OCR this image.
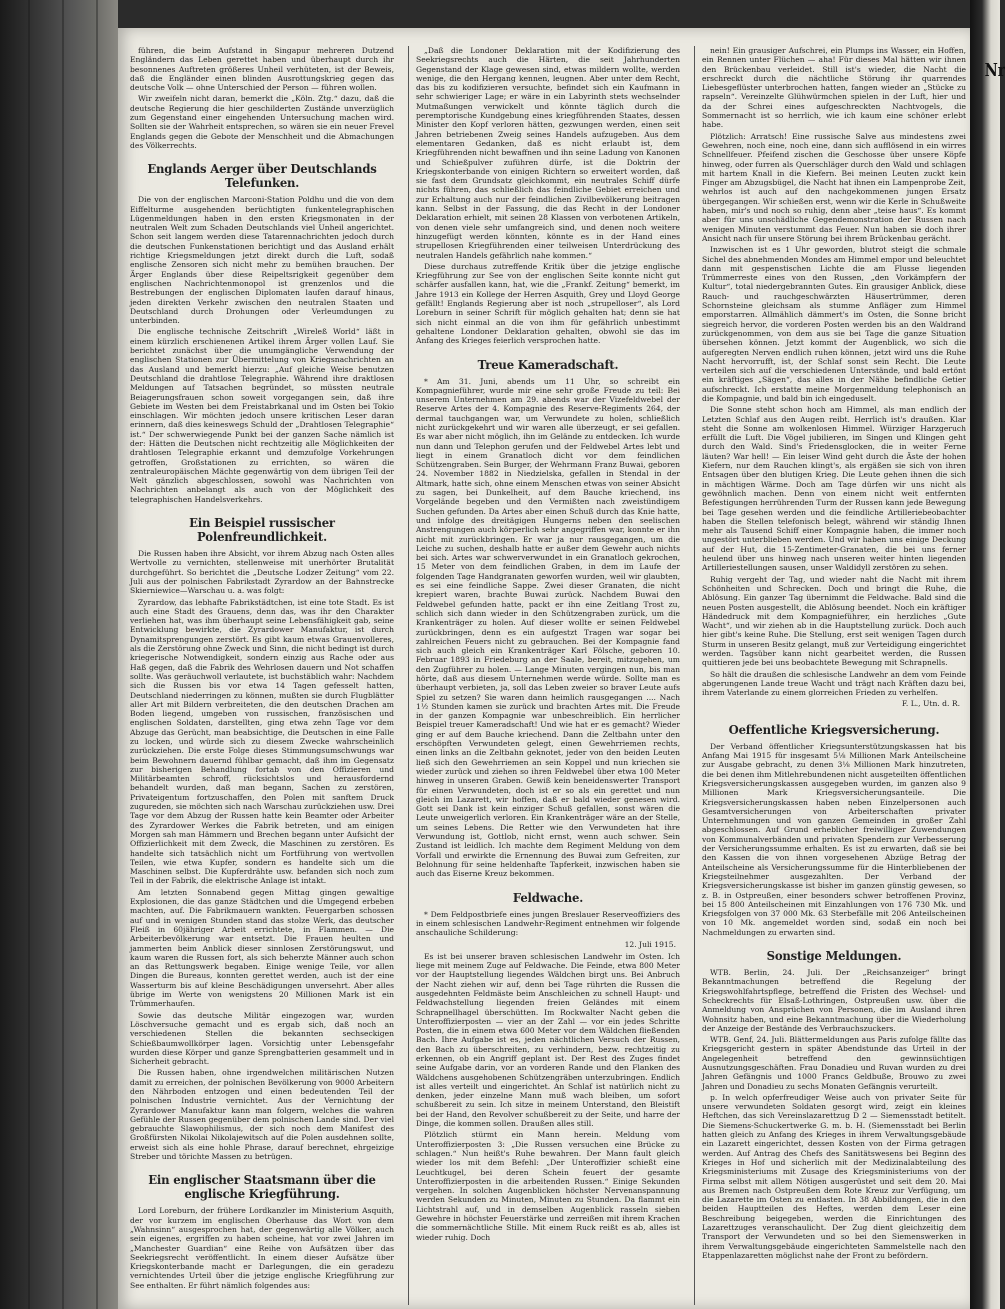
führen, die beim Aufstand in Singapur mehreren Dutzend Engländern das Leben gerettet haben und überhaupt durch ihr besonnenes Auftreten größeres Unheil verhüteten, ist der Beweis, daß die Engländer einen blinden Ausrottungskrieg gegen das deutsche Volk — ohne Unterschied der Person — führen wollen.

Wir zweifeln nicht daran, bemerkt die „Köln. Ztg.“ dazu, daß die deutsche Regierung die hier geschilderten Zustände unverzüglich zum Gegenstand einer eingehenden Untersuchung machen wird. Sollten sie der Wahrheit entsprechen, so wären sie ein neuer Frevel Englands gegen die Gebote der Menschheit und die Abmachungen des Völkerrechts.

Englands Aerger über Deutschlands Telefunken.

Die von der englischen Marconi-Station Poldhu und die von dem Eiffelturme ausgehenden berüchtigten funkentelegraphischen Lügenmeldungen haben in den ersten Kriegsmonaten in der neutralen Welt zum Schaden Deutschlands viel Unheil angerichtet. Schon seit langem werden diese Tatarennachrichten jedoch durch die deutschen Funkenstationen berichtigt und das Ausland erhält richtige Kriegsmeldungen jetzt direkt durch die Luft, sodaß englische Zensoren sich nicht mehr zu bemühen brauchen. Der Ärger Englands über diese Reipeltsrigkeit gegenüber dem englischen Nachrichtenmonopol ist grenzenlos und die Bestrebungen der englischen Diplomaten laufen darauf hinaus, jeden direkten Verkehr zwischen den neutralen Staaten und Deutschland durch Drohungen oder Verleumdungen zu unterbinden.

Die englische technische Zeitschrift „Wireleß World“ läßt in einem kürzlich erschienenen Artikel ihrem Ärger vollen Lauf. Sie berichtet zunächst über die unumgängliche Verwendung der englischen Stationen zur Übermittelung von Kriegsnachrichten an das Ausland und bemerkt hierzu: „Auf gleiche Weise benutzen Deutschland die drahtlose Telegraphie. Während ihre draktlosen Meldungen auf Tatsachen begründet, so müssten neutrale Beiagerungsfrauen schon soweit vorgegangen sein, daß ihre Gebiete im Westen bei dem Freistabrkanal und im Osten bei Tokio einschlagen. Wir möchten jedoch unsere kritischen Leser daran erinnern, daß dies keineswegs Schuld der „Drahtlosen Telegraphie“ ist.“ Der schwerwiegende Punkt bei der ganzen Sache nämlich ist der: Hätten die Deutschen nicht rechtzeitig alle Möglichkeiten der drahtlosen Telegraphie erkannt und demzufolge Vorkehrungen getroffen, Großstationen zu errichten, so wären die zentraleuropäischen Mächte gegenwärtig von dem übrigen Teil der Welt gänzlich abgeschlossen, sowohl was Nachrichten von Nachrichten anbelangt als auch von der Möglichkeit des telegraphischen Handelsverkehrs.

Ein Beispiel russischer Polenfreundlichkeit.

Die Russen haben ihre Absicht, vor ihrem Abzug nach Osten alles Wertvolle zu vernichten, stellenweise mit unerhörter Brutalität durchgeführt. So berichtet die „Deutsche Lodzer Zeitung“ vom 22. Juli aus der polnischen Fabrikstadt Zyrardow an der Bahnstrecke Skierniewice—Warschau u. a. was folgt:

Zyrardow, das lebhafte Fabrikstädtchen, ist eine tote Stadt. Es ist auch eine Stadt des Grauens, denn das, was ihr den Charakter verliehen hat, was ihm überhaupt seine Lebensfähigkeit gab, seine Entwicklung bewirkte, die Zyrardower Manufaktur, ist durch Dynamitsprengungen zerstört. Es gibt kaum etwas Grauenvolleres, als die Zerstörung ohne Zweck und Sinn, die nicht bedingt ist durch kriegerische Notwendigkeit, sondern einzig aus Rache oder aus Haß gegen, daß die Fabrik des Wehrlosen dauern und Not schaffen sollte. Was geräuchwoll verlautete, ist buchstäblich wahr: Nachdem sich die Russen bis vor etwa 14 Tagen gefesselt hatten, Deutschland niederringen zu können, mußten sie durch Flugblätter aller Art mit Bildern verbreiteten, die den deutschen Drachen am Boden liegend, umgeben von russischen, französischen und englischen Soldaten, darstellten, ging etwa zehn Tage vor dem Abzuge das Gerücht, man beabsichtige, die Deutschen in eine Falle zu locken, und würde sich zu diesem Zwecke wahrscheinlich zurückziehen. Die erste Folge dieses Stimmungsumschwungs war beim Bewohnern dauernd fühlbar gemacht, daß ihm im Gegensatz zur bisherigen Behandlung fortab von den Offizieren und Militärbeamten schroff, rücksichtslos und herausfordernd behandelt wurden, daß man begann, Sachen zu zerstören, Privateigentum fortzuschaffen, den Polen mit sanftem Druck zugureden, sie möchten sich nach Warschau zurückziehen usw. Drei Tage vor dem Abzug der Russen hatte kein Beamter oder Arbeiter des Zyrardower Werkes die Fabrik betreten, und am einigen Morgen sah man Hämmern und Brechen begann unter Aufsicht der Offizierlichkeit mit dem Zweck, die Maschinen zu zerstören. Es handelte sich tatsächlich nicht um Fortführung von wertvollen Teilen, wie etwa Kupfer, sondern es handelte sich um die Maschinen selbst. Die Kupferdrähte usw. befanden sich noch zum Teil in der Fabrik, die elektrische Anlage ist intakt.

Am letzten Sonnabend gegen Mittag gingen gewaltige Explosionen, die das ganze Städtchen und die Umgegend erbeben machten, auf. Die Fabrikmauern wankten. Feuergarben schossen auf und in wenigen Stunden stand das stolze Werk, das deutscher Fleiß in 60jähriger Arbeit errichtete, in Flammen. — Die Arbeiterbevölkerung war entsetzt. Die Frauen heulten und jammerten beim Anblick dieser sinnlosen Zerstörungswut, und kaum waren die Russen fort, als sich beherzte Männer auch schon an das Rettungswerk begaben. Einige wenige Teile, vor allen Dingen die Bureaus, konnten gerettet werden, auch ist der eine Wasserturm bis auf kleine Beschädigungen unversehrt. Aber alles übrige im Werte von wenigstens 20 Millionen Mark ist ein Trümmerhaufen.

Sowie das deutsche Militär eingezogen war, wurden Löschversuche gemacht und es ergab sich, daß noch an verschiedenen Stellen die bekannten sechseckigen Schießbaumwollkörper lagen. Vorsichtig unter Lebensgefahr wurden diese Körper und ganze Sprengbatterien gesammelt und in Sicherheit gebracht.

Die Russen haben, ohne irgendwelchen militärischen Nutzen damit zu erreichen, der polnischen Bevölkerung von 9000 Arbeitern den Nährboden entzogen und einen bedeutenden Teil der polnischen Industrie vernichtet. Aus der Vernichtung der Zyrardower Manufaktur kann man folgern, welches die wahren Gefühle der Russen gegenüber dem polnischen Lande sind. Der viel gebrauchte Slawophilismus, der sich noch dem Manifest des Großfürsten Nikolai Nikolajewitsch auf die Polen ausdehnen sollte, erweist sich als eine hohle Phrase, darauf berechnet, ehrgeizige Streber und törichte Massen zu betrügen.

Ein englischer Staatsmann über die englische Kriegführung.

Lord Loreburn, der frühere Lordkanzler im Ministerium Asquith, der vor kurzem im englischen Oberhause das Wort von dem „Wahnsinn“ ausgesprochen hat, der gegenwärtig alle Völker, auch sein eigenes, ergriffen zu haben scheine, hat vor zwei Jahren im „Manchester Guardian“ eine Reihe von Aufsätzen über das Seekriegsrecht veröffentlicht. In einem dieser Aufsätze über Kriegskonterbande macht er Darlegungen, die ein geradezu vernichtendes Urteil über die jetzige englische Kriegführung zur See enthalten. Er führt nämlich folgendes aus:

„Daß die Londoner Deklaration mit der Kodifizierung des Seekriegsrechts auch die Härten, die seit Jahrhunderten Gegenstand der Klage gewesen sind, etwas mildern wollte, werden wenige, die den Hergang kennen, leugnen. Aber unter dem Recht, das bis zu kodifizieren versuchte, befindet sich ein Kaufmann in sehr schwieriger Lage; er wäre in ein Labyrinth stets wechselnder Mutmaßungen verwickelt und könnte täglich durch die peremptorische Kundgebung eines kriegführenden Staates, dessen Minister den Kopf verloren hätten, gezwungen werden, einen seit Jahren betriebenen Zweig seines Handels aufzugeben. Aus dem elementaren Gedanken, daß es nicht erlaubt ist, dem Kriegführenden nicht bewaffnen und ihn seine Ladung von Kanonen und Schießpulver zuführen dürfe, ist die Doktrin der Kriegskonterbande von einigen Richtern so erweitert worden, daß sie fast dem Grundsatz gleichkommt, ein neutrales Schiff dürfe nichts führen, das schließlich das feindliche Gebiet erreichen und zur Erhaltung auch nur der feindlichen Zivilbevölkerung beitragen kann. Selbst in der Fassung, die das Recht in der Londoner Deklaration erhielt, mit seinen 28 Klassen von verbotenen Artikeln, von denen viele sehr umfangreich sind, und denen noch weitere hinzugefügt werden könnten, könnte es in der Hand eines strupellosen Kriegführenden einer teilweisen Unterdrückung des neutralen Handels gefährlich nahe kommen.“

Diese durchaus zutreffende Kritik über die jetzige englische Kriegführung zur See von der englischen Seite konnte nicht gut schärfer ausfallen kann, hat, wie die „Frankf. Zeitung“ bemerkt, im Jahre 1913 ein Kollege der Herren Asquith, Grey und Lloyd George gefällt! Englands Regierung aber ist noch „strupelloser“, als Lord Loreburn in seiner Schrift für möglich gehalten hat; denn sie hat sich nicht einmal an die von ihm für gefährlich unbestimmt gehaltene Londoner Deklaration gehalten, obwohl sie das im Anfang des Krieges feierlich versprochen hatte.

Treue Kameradschaft.

* Am 31. Juni, abends um 11 Uhr, so schreibt ein Kompagnieführer, wurde mir eine sehr große Freude zu teil: Bei unserem Unternehmen am 29. abends war der Vizefeldwebel der Reserve Artes der 4. Kompagnie des Reserve-Regiments 264, der dermal tauchgangen war, um Verwundete zu holen, schließlich nicht zurückgekehrt und wir waren alle überzeugt, er sei gefallen. Es war aber nicht möglich, ihn im Gelände zu entdecken. Ich wurde nun dann und Telephon gerufen und der Feldwebel Artes lebt und liegt in einem Granatloch dicht vor dem feindlichen Schützengraben. Sein Burger, der Wehrmann Franz Buwai, geboren 24. November 1882 in Niedzielska, gefallen in Stendal in der Altmark, hatte sich, ohne einem Menschen etwas von seiner Absicht zu sagen, bei Dunkelheit, auf dem Bauche kriechend, ins Vorgelände begeben und den Vermißten nach zweistündigem Suchen gefunden. Da Artes aber einen Schuß durch das Knie hatte, und infolge des dreitägigen Hungerns neben den seelischen Anstrengungen auch körperlich sehr angegriffen war, konnte er ihn nicht mit zurückbringen. Er war ja nur rausgegangen, um die Leiche zu suchen, deshalb hatte er außer dem Gewehr auch nichts bei sich. Artes war schwerverwundet in ein Granatloch gekrochen, 15 Meter von dem feindlichen Graben, in dem im Laufe der folgenden Tage Handgranaten geworfen wurden, weil wir glaubten, es sei eine feindliche Sappe. Zwei dieser Granaten, die nicht krepiert waren, brachte Buwai zurück. Nachdem Buwai den Feldwebel gefunden hatte, packt er ihn eine Zeitlang Trost zu, schlich sich dann wieder in den Schützengraben zurück, um die Krankenträger zu holen. Auf dieser wollte er seinen Feldwebel zurückbringen, denn es ein aufgestzt Tragen war sogar bei zahlreichen Feuers nicht zu gebrauchen. Bei der Kompagnie fand sich auch gleich ein Krankenträger Karl Fölsche, geboren 10. Februar 1893 in Friedeburg an der Saale, bereit, mitzugehen, um den Zugführer zu holen. — Lange Minuten vergingen nun, bis man hörte, daß aus diesem Unternehmen werde würde. Sollte man es überhaupt verbieten, ja, soll das Leben zweier so braver Leute aufs Spiel zu setzen? Sie waren dann heimlich rausgegangen .... Nach 1½ Stunden kamen sie zurück und brachten Artes mit. Die Freude in der ganzen Kompagnie war unbeschreiblich. Ein herrlicher Beispiel treuer Kameradschaft! Und wie hat er es gemacht? Wieder ging er auf dem Bauche kriechend. Dann die Zeltbahn unter den erschöpften Verwundeten gelegt, einen Gewehrriemen rechts, einen links an die Zeltbahn geknotet, jeder von den beiden Leuten ließ sich den Gewehrriemen an sein Koppel und nun kriechen sie wieder zurück und ziehen so ihren Feldwebel über etwa 100 Meter hinweg in unseren Graben. Gewiß kein beneidenswerter Transport für einen Verwundeten, doch ist er so als ein gerettet und nun gleich im Lazarett, wir hoffen, daß er bald wieder genesen wird. Gott sei Dank ist kein einziger Schuß gefallen, sonst wären die Leute unweigerlich verloren. Ein Krankenträger wäre an der Stelle, um seines Lebens. Die Retter wie den Verwundeten hat ihre Verwundung ist, Gottlob, nicht ernst, wenn auch schwer. Sein Zustand ist leidlich. Ich machte dem Regiment Meldung von dem Vorfall und erwirkte die Ernennung des Buwai zum Gefreiten, zur Belohnung für seine heldenhafte Tapferkeit, inzwischen haben sie auch das Eiserne Kreuz bekommen.

Feldwache.

* Dem Feldpostbriefe eines jungen Breslauer Reserveoffiziers des in einem schlesischen Landwehr-Regiment entnehmen wir folgende anschauliche Schilderung:

12. Juli 1915.

Es ist bei unserer braven schlesischen Landwehr im Osten. Ich liege mit meinem Zuge auf Feldwache. Die Feinde, etwa 800 Meter vor der Hauptstellung liegendes Wäldchen birgt uns. Bei Anbruch der Nacht ziehen wir auf, denn bei Tage rührten die Russen die ausgedehnten Feldmäste beim Anschleichen zu schnell Haupt- und Feldwachstellung liegenden freien Geländes mit einem Schrapnellhagel überschütten. Im Rockwalter Nacht geben die Unteroffizierposten — vier an der Zahl — vor ein jedes Schritte Posten, die in einem etwa 600 Meter vor dem Wäldchen fließenden Bach. Ihre Aufgabe ist es, jeden nächtlichen Versuch der Russen, den Bach zu überschreiten, zu verhindern, bezw. rechtzeitig zu erkennen, ob ein Angriff geplant ist. Der Rest des Zuges findet seine Aufgabe darin, vor an vorderen Rande und den Flanken des Wäldchens ausgehobenen Schützengräben unterzubringen. Endlich ist alles verteilt und eingerichtet. An Schlaf ist natürlich nicht zu denken, jeder einzelne Mann muß wach bleiben, um sofort schußbereit zu sein. Ich sitze in meinem Unterstand, den Bleistift bei der Hand, den Revolver schußbereit zu der Seite, und harre der Dinge, die kommen sollen. Draußen alles still.

Plötzlich stürmt ein Mann herein. Meldung vom Unteroffizierposten 3: „Die Russen versuchen eine Brücke zu schlagen.“ Nun heißt's Ruhe bewahren. Der Mann fault gleich wieder los mit dem Befehl: „Der Unteroffizier schießt eine Leuchtkugel, bei deren Schein feuert der gesamte Unteroffizierposten in die arbeitenden Russen.“ Einige Sekunden vergehen. In solchen Augenblicken höchster Nervenanspannung werden Sekunden zu Minuten, Minuten zu Stunden. Da flammt ein Lichtstrahl auf, und in demselben Augenblick rasseln sieben Gewehre in höchster Feuerstärke und zerreißen mit ihrem Krachen die sommernächtliche Stille. Mit einem Ruck reißt es ab, alles ist wieder ruhig. Doch

nein! Ein grausiger Aufschrei, ein Plumps ins Wasser, ein Hoffen, ein Rennen unter Flüchen — aha! Für dieses Mal hätten wir ihnen den Brückenbau verleidet. Still ist's wieder, die Nacht die erschreckt durch die nächtliche Störung ihr quarrendes Liebesgeflüster unterbrochen hatten, fangen wieder an „Stücke zu rapseln“. Vereinzelte Glühwürmchen spielen in der Luft, hier und da der Schrei eines aufgeschreckten Nachtvogels, die Sommernacht ist so herrlich, wie ich kaum eine schöner erlebt habe.

Plötzlich: Arratsch! Eine russische Salve aus mindestens zwei Gewehren, noch eine, noch eine, dann sich aufflösend in ein wirres Schnellfeuer. Pfeifend zischen die Geschosse über unsere Köpfe hinweg, oder furren als Querschläger durch den Wald und schlagen mit hartem Knall in die Kiefern. Bei meinen Leuten zuckt kein Finger am Abzugsbügel, die Nacht hat ihnen ein Lampenprobe Zeit, wehrlos ist auch auf den nachgekommenen jungen Ersatz übergegangen. Wir schießen erst, wenn wir die Kerle in Schußweite haben, mir's und noch so ruhig, denn aber „teise haus“. Es kommt aber für uns unschädliche Gegendemonstration der Russen nach wenigen Minuten verstummt das Feuer. Nun haben sie doch ihrer Ansicht nach für unsere Störung bei ihrem Brückenbau gerächt.

Inzwischen ist es 1 Uhr geworden, blutrot steigt die schmale Sichel des abnehmenden Mondes am Himmel empor und beleuchtet dann mit gespenstischen Lichte die am Flusse liegenden Trümmerreste eines von den Russen, „den Vorkämpfern der Kultur“, total niedergebrannten Gutes. Ein grausiger Anblick, diese Rauch- und rauchgeschwärzten Häusertrümmer, deren Schornsteine gleichsam als stumme Anfläger zum Himmel emporstarren. Allmählich dämmert's im Osten, die Sonne bricht siegreich hervor, die vorderen Posten werden bis an den Waldrand zurückgenommen, von dem aus sie bei Tage die ganze Situation übersehen können. Jetzt kommt der Augenblick, wo sich die aufgeregten Nerven endlich ruhen können, jetzt wird uns die Ruhe Nacht hervorrufft, ist, der Schlaf sonst sein Recht. Die Leute verteilen sich auf die verschiedenen Unterstände, und bald ertönt ein kräftiges „Sägen“, das alles in der Nähe befindliche Getier aufschreckt. Ich erstatte meine Morgenmeldung telephonisch an die Kompagnie, und bald bin ich eingeduselt.

Die Sonne steht schon hoch am Himmel, als man endlich der Letzten Schlaf aus den Augen reibt. Herrlich ist's draußen. Klar steht die Sonne am wolkenlosen Himmel. Würziger Harzgeruch erfüllt die Luft. Die Vögel jubilieren, im Singen und Klingen geht durch den Wald. Sind's Friedensglocken, die in weiter Ferne läuten? War hell! — Ein leiser Wind geht durch die Äste der hohen Kiefern, nur dem Rauchen klingt's, als ergäßen sie sich von ihren Entsagen über den blutigen Krieg. Die Leute gehen ihnen die sich in mächtigen Wärme. Doch am Tage dürfen wir uns nicht als gewöhnlich machen. Denn von einem nicht weit entfernten Befestigungen herrührenden Turm der Russen kann jede Bewegung bei Tage gesehen werden und die feindliche Artilleriebeobachter haben die Stellen telefonisch belegt, während wir ständig Ihnen mehr als Tausend Schiff einer Kompagnie haben, die immer noch ungestört unterblieben werden. Und wir haben uns einige Deckung auf der Hut, die 15-Zentimeter-Granaten, die bei uns ferner heulend über uns hinweg nach unseren weiter hinten liegenden Artilleriestellungen sausen, unser Waldidyll zerstören zu sehen.

Ruhig vergeht der Tag, und wieder naht die Nacht mit ihrem Schönheiten und Schrecken. Doch und bringt die Ruhe, die Ablösung. Ein ganzer Tag übernimmt die Feldwache. Bald sind die neuen Posten ausgestellt, die Ablösung beendet. Noch ein kräftiger Händedruck mit dem Kompagnieführer, ein herzliches „Gute Wacht“, und wir ziehen ab in die Hauptstellung zurück. Doch auch hier gibt's keine Ruhe. Die Stellung, erst seit wenigen Tagen durch Sturm in unseren Besitz gelangt, muß zur Verteidigung eingerichtet werden. Tagsüber kann nicht gearbeitet werden, die Russen quittieren jede bei uns beobachtete Bewegung mit Schrapnells.

So hält die draußen die schlesische Landwehr an dem vom Feinde abgerungenen Lande treue Wacht und trägt nach Kräften dazu bei, ihrem Vaterlande zu einem glorreichen Frieden zu verhelfen.

F. L., Utn. d. R.
Oeffentliche Kriegsversicherung.

Der Verband öffentlicher Kriegsunterstützungskassen hat bis Anfang Mai 1915 für insgesamt 5⅛ Millionen Mark Anteilscheine zur Ausgabe gebracht, zu denen 3⅛ Millionen Mark hinzutreten, die bei denen ihm Mitlehrebundenen nicht ausgeteilten öffentlichen Kriegsversicherungskassen ausgegeben wurden, im ganzen also 9 Millionen Mark Kriegsversicherungsanteile. Die Kriegsversicherungskassen haben neben Einzelpersonen auch Gesamtversicherungen von Arbeiterschaften privater Unternehmungen und von ganzen Gemeinden in großer Zahl abgeschlossen. Auf Grund erheblicher freiwilliger Zuwendungen von Kommunalverbänden und privaten Spendern zur Verbesserung der Versicherungssumme erhalten. Es ist zu erwarten, daß sie bei den Kassen die von ihnen vorgesehenen Abzüge Betrag der Anteilscheine als Versicherungssumme für die Hinterbliebenen der Kriegsteilnehmer ausgezahlten. Der Verband der Kriegsversicherungskasse ist bisher im ganzen günstig gewesen, so z. B. in Ostpreußen, einer besonders schwer betroffenen Provinz, bei 15 800 Anteilscheinen mit Einzahlungen von 176 730 Mk. und Kriegsfolgen von 37 000 Mk. 63 Sterbefälle mit 206 Anteilscheinen von 10 Mk. angemeldet worden sind, sodaß ein noch bei Nachmeldungen zu erwarten sind.

Sonstige Meldungen.

WTB. Berlin, 24. Juli. Der „Reichsanzeiger“ bringt Bekanntmachungen betreffend die Regelung der Kriegswohlfahrtspflege, betreffend die Fristen des Wechsel- und Scheckrechts für Elsaß-Lothringen, Ostpreußen usw. über die Anmeldung von Ansprüchen von Personen, die im Ausland ihren Wohnsitz haben, und eine Bekanntmachung über die Wiederholung der Anzeige der Bestände des Verbrauchszuckers.

WTB. Genf, 24. Juli. Blättermeldungen aus Paris zufolge fällte das Kriegsgericht gestern in später Abendstunde das Urteil in der Angelegenheit betreffend den gewinnsüchtigen Ausnutzungsgeschäften. Frau Donadieu und Ruvan wurden zu drei Jahren Gefängnis und 1000 Francs Geldbuße, Brouwo zu zwei Jahren und Donadieu zu sechs Monaten Gefängnis verurteilt.

p. In welch opferfreudiger Weise auch von privater Seite für unsere verwundeten Soldaten gesorgt wird, zeigt ein kleines Heftchen, das sich Vereinslazarettzug D 2 — Siemensstadt betitelt. Die Siemens-Schuckertwerke G. m. b. H. (Siemensstadt bei Berlin hatten gleich zu Anfang des Krieges in ihrem Verwaltungsgebäude ein Lazarett eingerichtet, dessen Kosten von der Firma getragen werden. Auf Antrag des Chefs des Sanitätswesens bei Beginn des Krieges in Hof und sicherlich mit der Medizinalabteilung des Kriegsministeriums mit Zusage des Kriegsministeriums von der Firma selbst mit allem Nötigen ausgerüstet und seit dem 20. Mai aus Bremen nach Ostpreußen dem Rote Kreuz zur Verfügung, um die Lazarette im Osten zu entlasten. In 38 Abbildungen, die in den beiden Hauptteilen des Heftes, werden dem Leser eine Beschreibung beigegeben, werden die Einrichtungen des Lazarettzuges veranschaulicht. Der Zug dient gleichzeitig dem Transport der Verwundeten und so bei den Siemenswerken in ihrem Verwaltungsgebäude eingerichteten Sammelstelle nach den Etappenlazaretten möglichst nahe der Front zu befördern.

Nr
